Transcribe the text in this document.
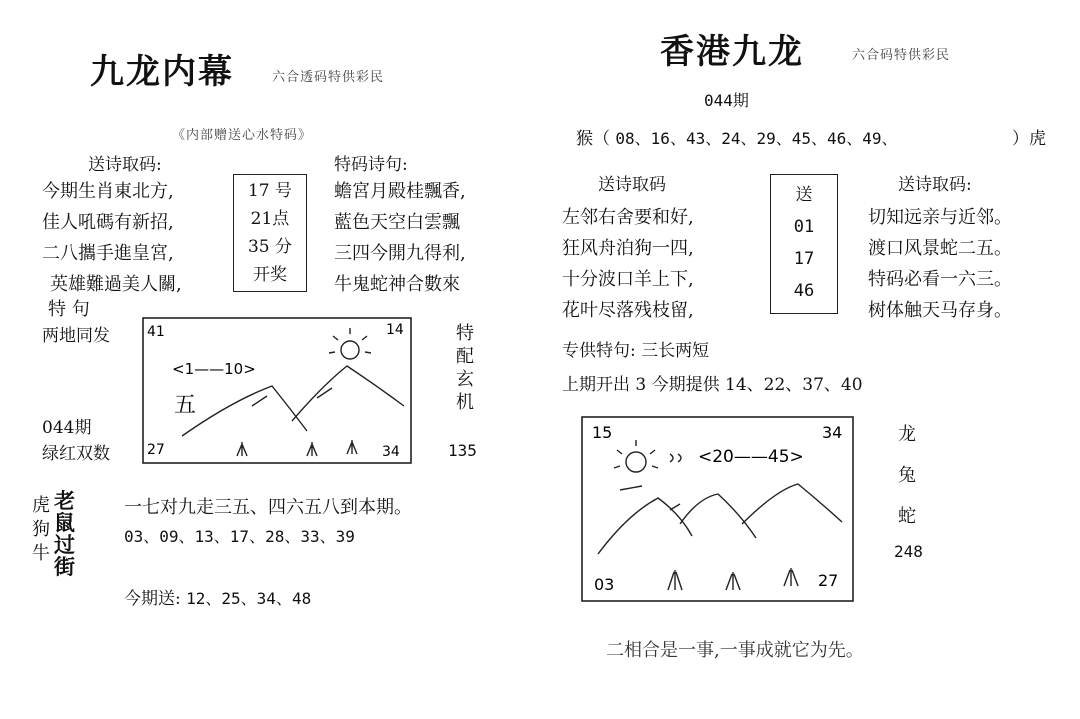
九龙内幕	六合透码特供彩民
《内部赠送心水特码》
送诗取码:	特码诗句:
今期生肖東北方,
佳人吼碼有新招,
二八攜手進皇宮,
英雄難過美人關,
17 号
21点
35 分
开奖
蟾宮月殿桂飄香,
藍色天空白雲飄
三四今開九得利,
牛鬼蛇神合數來
特 句
两地同发
044期
绿红双数
41	14
27	34
<1——10>
五
特
配
玄
机
135
虎
狗
牛
老
鼠
过
街
一七对九走三五、四六五八到本期。
03、09、13、17、28、33、39
今期送: 12、25、34、48
香港九龙	六合码特供彩民
044期
猴（ 08、16、43、24、29、45、46、49、	）虎
送诗取码	送诗取码:
左邻右舍要和好,
狂风舟泊狗一四,
十分波口羊上下,
花叶尽落残枝留,
送
01
17
46
切知远亲与近邻。
渡口风景蛇二五。
特码必看一六三。
树体触天马存身。
专供特句: 三长两短
上期开出 3 今期提供 14、22、37、40
15	34
03	27
<20——45>
龙
兔
蛇
248
二相合是一事,一事成就它为先。
